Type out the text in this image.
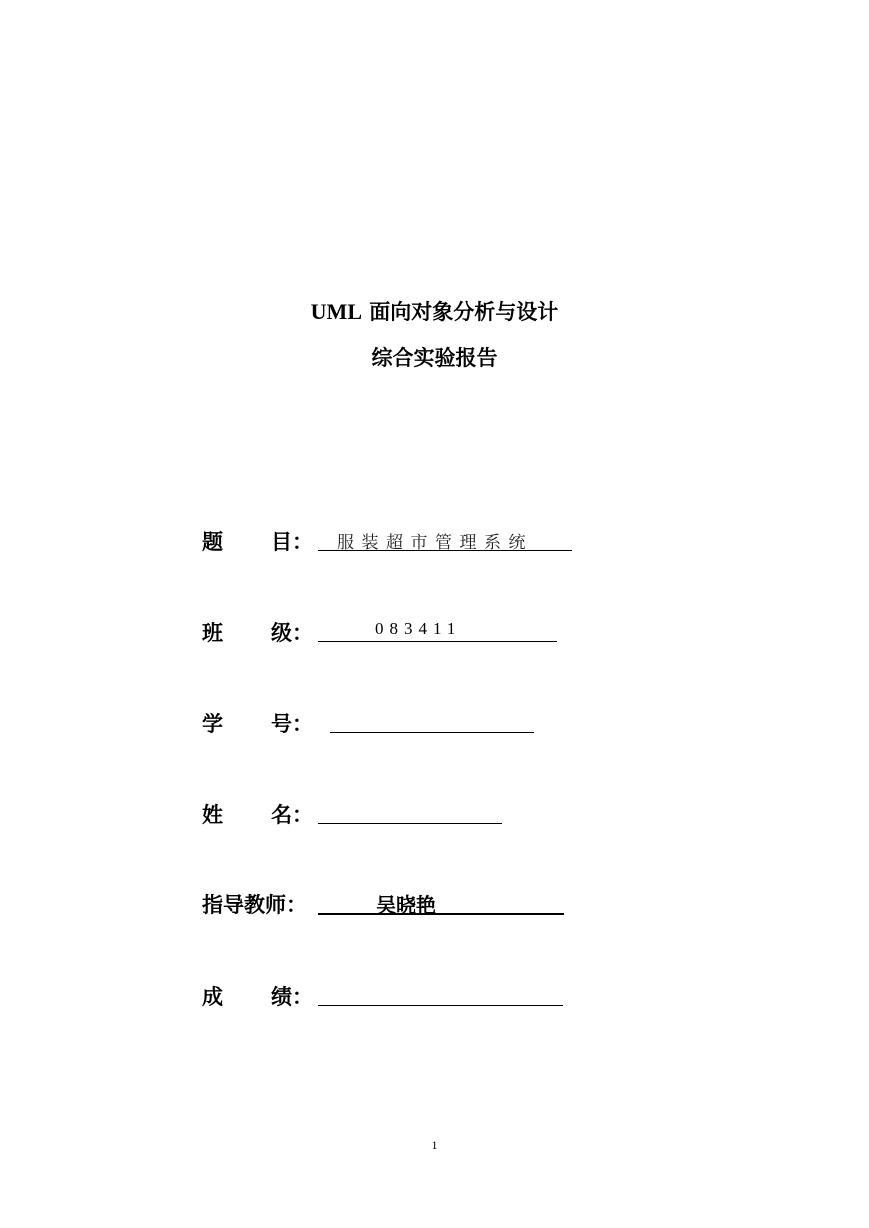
UML 面向对象分析与设计
综合实验报告
题 目： 服装超市管理系统
班 级：	083411
学 号：
姓 名：
指导教师：	吴晓艳
成 绩：
1
